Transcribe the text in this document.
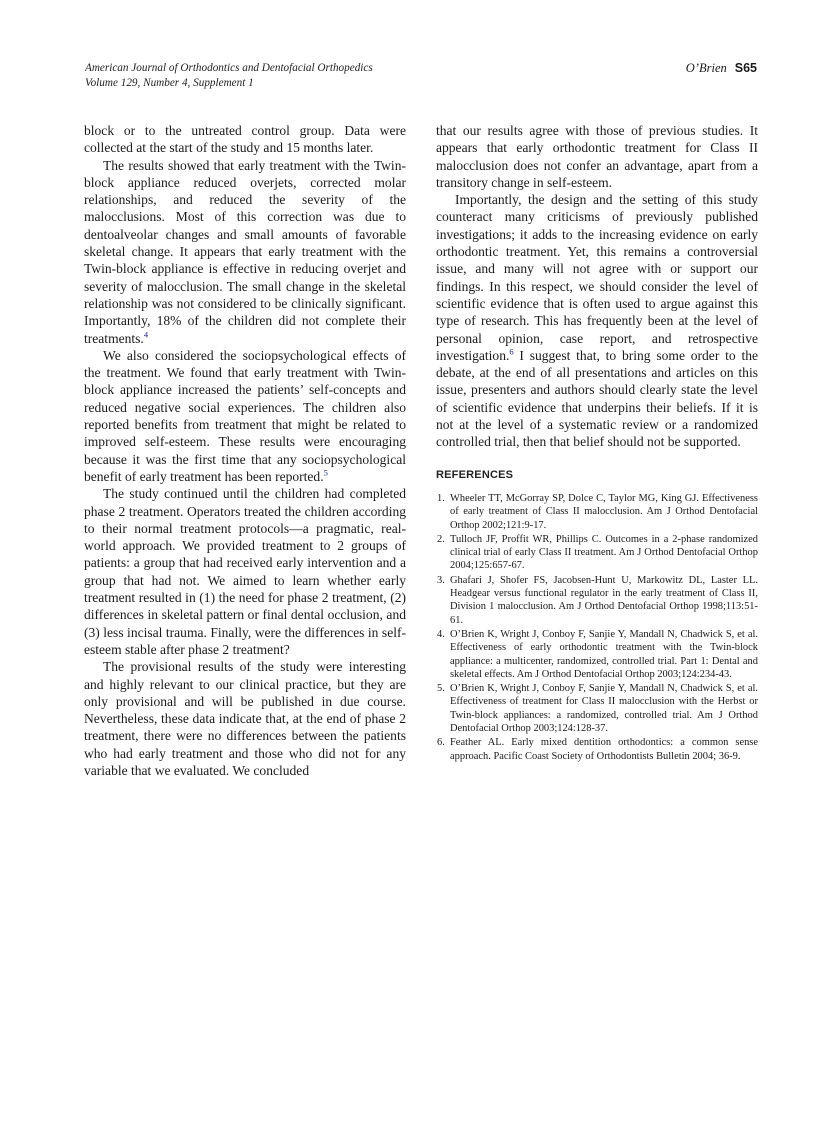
American Journal of Orthodontics and Dentofacial Orthopedics
Volume 129, Number 4, Supplement 1
O’Brien S65

block or to the untreated control group. Data were collected at the start of the study and 15 months later.

The results showed that early treatment with the Twin-block appliance reduced overjets, corrected molar relationships, and reduced the severity of the malocclusions. Most of this correction was due to dentoalveolar changes and small amounts of favorable skeletal change. It appears that early treatment with the Twin-block appliance is effective in reducing overjet and severity of malocclusion. The small change in the skeletal relationship was not considered to be clinically significant. Importantly, 18% of the children did not complete their treatments.$^4$

We also considered the sociopsychological effects of the treatment. We found that early treatment with Twin-block appliance increased the patients’ self-concepts and reduced negative social experiences. The children also reported benefits from treatment that might be related to improved self-esteem. These results were encouraging because it was the first time that any sociopsychological benefit of early treatment has been reported.$^5$

The study continued until the children had completed phase 2 treatment. Operators treated the children according to their normal treatment protocols—a pragmatic, real-world approach. We provided treatment to 2 groups of patients: a group that had received early intervention and a group that had not. We aimed to learn whether early treatment resulted in (1) the need for phase 2 treatment, (2) differences in skeletal pattern or final dental occlusion, and (3) less incisal trauma. Finally, were the differences in self-esteem stable after phase 2 treatment?

The provisional results of the study were interesting and highly relevant to our clinical practice, but they are only provisional and will be published in due course. Nevertheless, these data indicate that, at the end of phase 2 treatment, there were no differences between the patients who had early treatment and those who did not for any variable that we evaluated. We concluded

that our results agree with those of previous studies. It appears that early orthodontic treatment for Class II malocclusion does not confer an advantage, apart from a transitory change in self-esteem.

Importantly, the design and the setting of this study counteract many criticisms of previously published investigations; it adds to the increasing evidence on early orthodontic treatment. Yet, this remains a controversial issue, and many will not agree with or support our findings. In this respect, we should consider the level of scientific evidence that is often used to argue against this type of research. This has frequently been at the level of personal opinion, case report, and retrospective investigation.$^6$ I suggest that, to bring some order to the debate, at the end of all presentations and articles on this issue, presenters and authors should clearly state the level of scientific evidence that underpins their beliefs. If it is not at the level of a systematic review or a randomized controlled trial, then that belief should not be supported.

REFERENCES
1. Wheeler TT, McGorray SP, Dolce C, Taylor MG, King GJ. Effectiveness of early treatment of Class II malocclusion. Am J Orthod Dentofacial Orthop 2002;121:9-17.
2. Tulloch JF, Proffit WR, Phillips C. Outcomes in a 2-phase randomized clinical trial of early Class II treatment. Am J Orthod Dentofacial Orthop 2004;125:657-67.
3. Ghafari J, Shofer FS, Jacobsen-Hunt U, Markowitz DL, Laster LL. Headgear versus functional regulator in the early treatment of Class II, Division 1 malocclusion. Am J Orthod Dentofacial Orthop 1998;113:51-61.
4. O’Brien K, Wright J, Conboy F, Sanjie Y, Mandall N, Chadwick S, et al. Effectiveness of early orthodontic treatment with the Twin-block appliance: a multicenter, randomized, controlled trial. Part 1: Dental and skeletal effects. Am J Orthod Dentofacial Orthop 2003;124:234-43.
5. O’Brien K, Wright J, Conboy F, Sanjie Y, Mandall N, Chadwick S, et al. Effectiveness of treatment for Class II malocclusion with the Herbst or Twin-block appliances: a randomized, controlled trial. Am J Orthod Dentofacial Orthop 2003;124:128-37.
6. Feather AL. Early mixed dentition orthodontics: a common sense approach. Pacific Coast Society of Orthodontists Bulletin 2004; 36-9.
